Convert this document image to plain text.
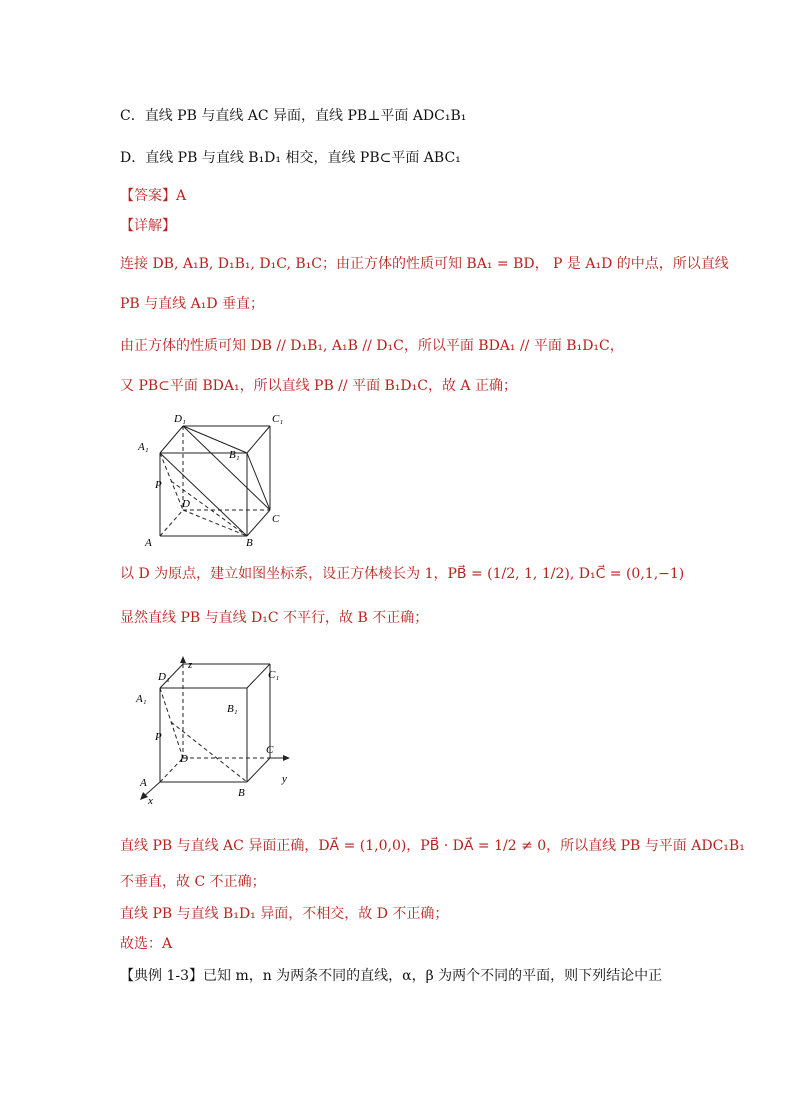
C．直线 PB 与直线 AC 异面，直线 PB⊥平面 ADC₁B₁
D．直线 PB 与直线 B₁D₁ 相交，直线 PB⊂平面 ABC₁
【答案】A
【详解】
连接 DB, A₁B, D₁B₁, D₁C, B₁C；由正方体的性质可知 BA₁ = BD， P 是 A₁D 的中点，所以直线
PB 与直线 A₁D 垂直；
由正方体的性质可知 DB // D₁B₁, A₁B // D₁C，所以平面 BDA₁ // 平面 B₁D₁C，
又 PB⊂平面 BDA₁，所以直线 PB // 平面 B₁D₁C，故 A 正确；
D₁	C₁
A₁
B₁
P
D
C
A	B
以 D 为原点，建立如图坐标系，设正方体棱长为 1，PB⃗ = (1/2, 1, 1/2), D₁C⃗ = (0,1,−1)
显然直线 PB 与直线 D₁C 不平行，故 B 不正确；
z
D₁	C₁
A₁
B₁
P
D
C
y
A
B
x
直线 PB 与直线 AC 异面正确，DA⃗ = (1,0,0)，PB⃗ · DA⃗ = 1/2 ≠ 0，所以直线 PB 与平面 ADC₁B₁
不垂直，故 C 不正确；
直线 PB 与直线 B₁D₁ 异面，不相交，故 D 不正确；
故选：A
【典例 1-3】已知 m，n 为两条不同的直线，α，β 为两个不同的平面，则下列结论中正
